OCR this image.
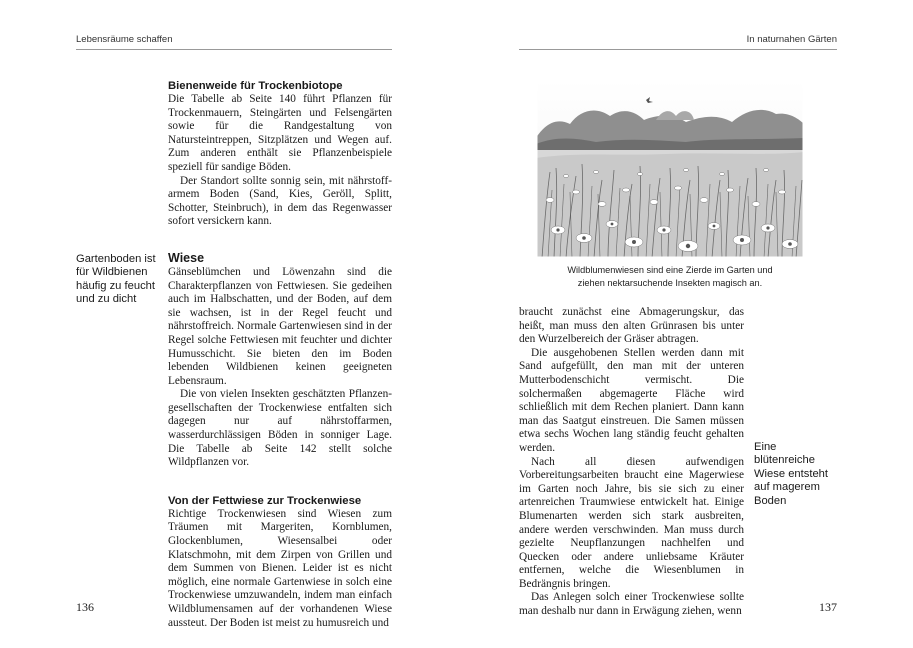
Lebensräume schaffen
Gartenboden ist für Wildbienen häufig zu feucht und zu dicht

Bienenweide für Trockenbiotope

Die Tabelle ab Seite 140 führt Pflanzen für Trockenmauern, Steingärten und Felsengärten sowie für die Randgestaltung von Natursteintreppen, Sitzplätzen und Wegen auf. Zum anderen enthält sie Pflanzenbeispiele speziell für sandige Böden.

Der Standort sollte sonnig sein, mit nährstoffarmem Boden (Sand, Kies, Geröll, Splitt, Schotter, Steinbruch), in dem das Regenwasser sofort versickern kann.

Wiese

Gänseblümchen und Löwenzahn sind die Charakterpflanzen von Fettwiesen. Sie gedeihen auch im Halbschatten, und der Boden, auf dem sie wachsen, ist in der Regel feucht und nährstoffreich. Normale Gartenwiesen sind in der Regel solche Fettwiesen mit feuchter und dichter Humusschicht. Sie bieten den im Boden lebenden Wildbienen keinen geeigneten Lebensraum.

Die von vielen Insekten geschätzten Pflanzengesellschaften der Trockenwiese entfalten sich dagegen nur auf nährstoffarmen, wasserdurchlässigen Böden in sonniger Lage. Die Tabelle ab Seite 142 stellt solche Wildpflanzen vor.

Von der Fettwiese zur Trockenwiese

Richtige Trockenwiesen sind Wiesen zum Träumen mit Margeriten, Kornblumen, Glockenblumen, Wiesensalbei oder Klatschmohn, mit dem Zirpen von Grillen und dem Summen von Bienen. Leider ist es nicht möglich, eine normale Gartenwiese in solch eine Trockenwiese umzuwandeln, indem man einfach Wildblumensamen auf der vorhandenen Wiese aussteut. Der Boden ist meist zu humusreich und

136
In naturnahen Gärten
Wildblumenwiesen sind eine Zierde im Garten und
ziehen nektarsuchende Insekten magisch an.

braucht zunächst eine Abmagerungskur, das heißt, man muss den alten Grünrasen bis unter den Wurzelbereich der Gräser abtragen.

Die ausgehobenen Stellen werden dann mit Sand aufgefüllt, den man mit der unteren Mutterbodenschicht vermischt. Die solchermaßen abgemagerte Fläche wird schließlich mit dem Rechen planiert. Dann kann man das Saatgut einstreuen. Die Samen müssen etwa sechs Wochen lang ständig feucht gehalten werden.

Nach all diesen aufwendigen Vorbereitungsarbeiten braucht eine Magerwiese im Garten noch Jahre, bis sie sich zu einer artenreichen Traumwiese entwickelt hat. Einige Blumenarten werden sich stark ausbreiten, andere werden verschwinden. Man muss durch gezielte Neupflanzungen nachhelfen und Quecken oder andere unliebsame Kräuter entfernen, welche die Wiesenblumen in Bedrängnis bringen.

Das Anlegen solch einer Trockenwiese sollte man deshalb nur dann in Erwägung ziehen, wenn

Eine blütenreiche Wiese entsteht auf magerem Boden
137
